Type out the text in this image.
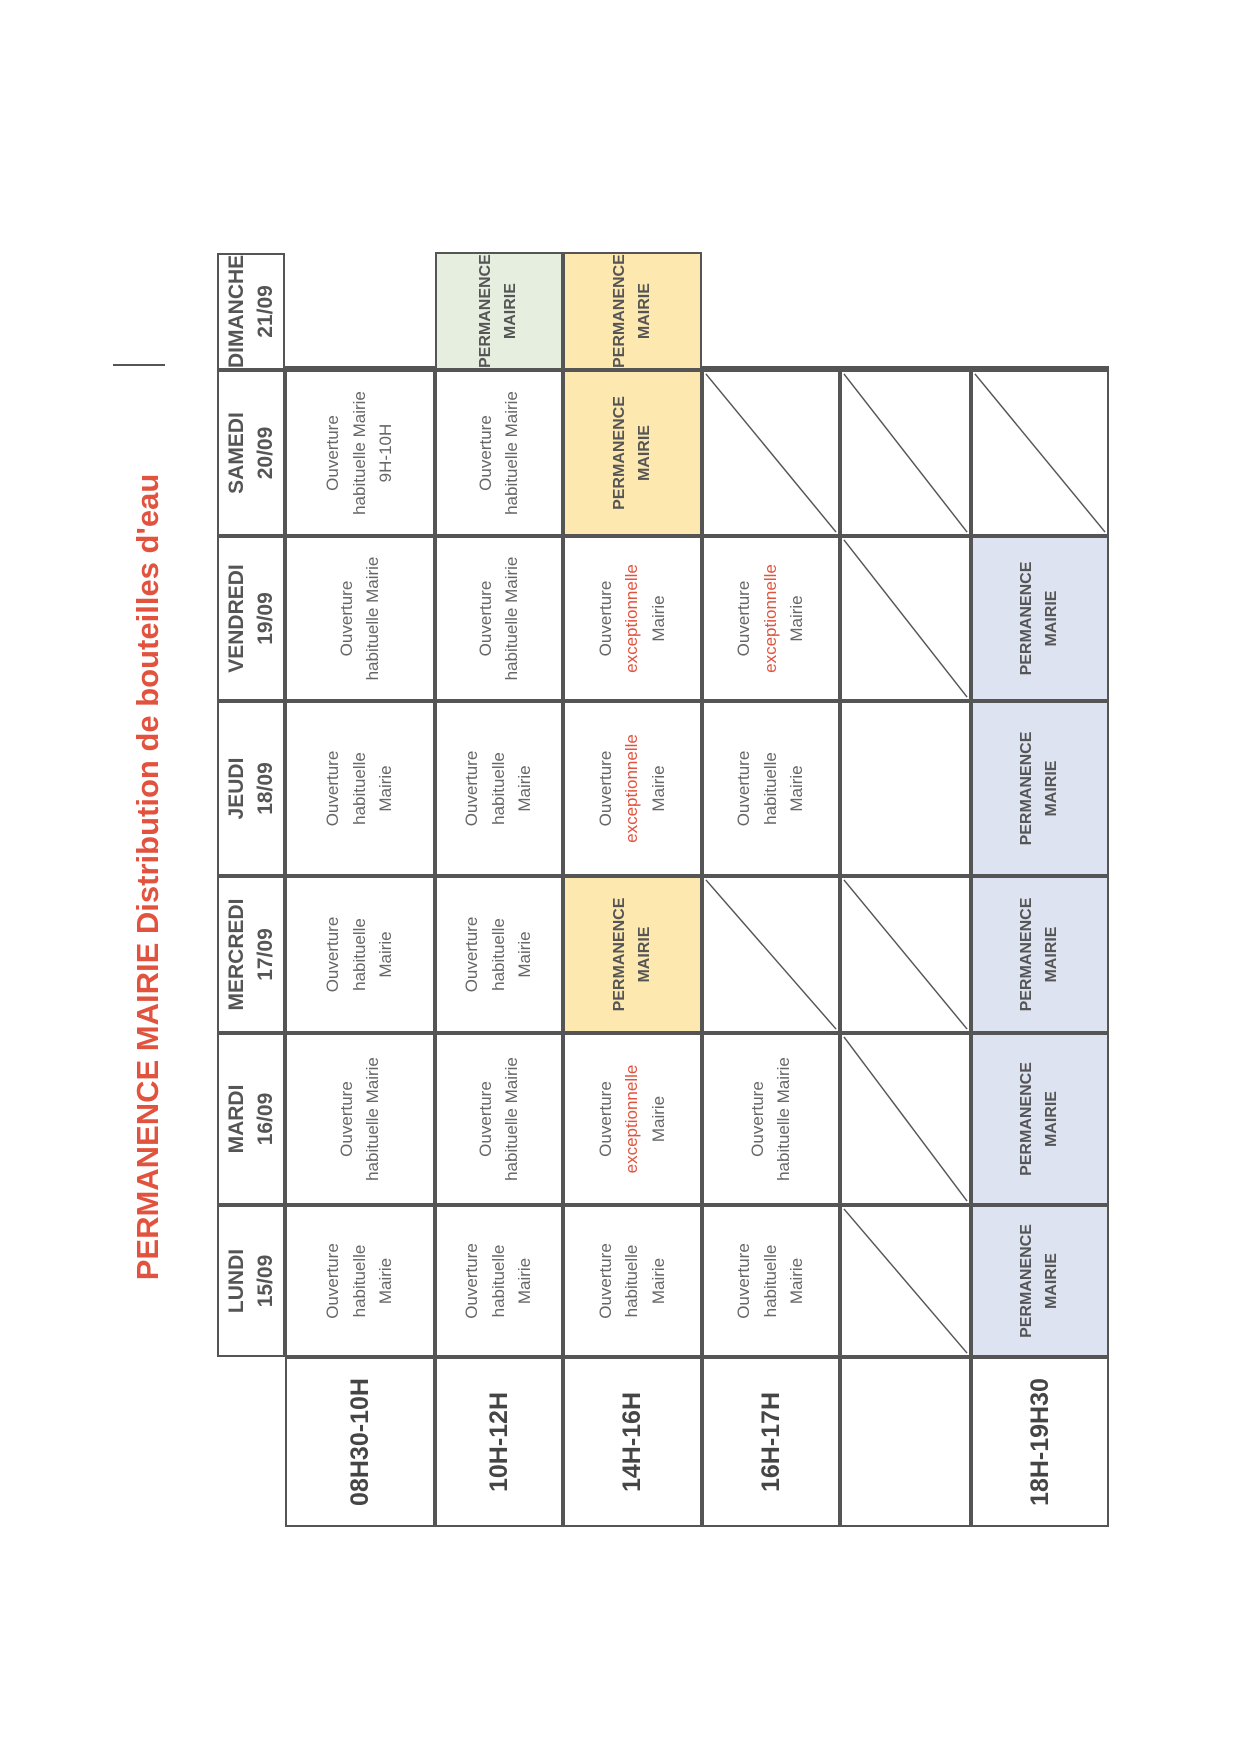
PERMANENCE MAIRIE Distribution de bouteilles d'eau
LUNDI 15/09
MARDI 16/09
MERCREDI 17/09
JEUDI 18/09
VENDREDI 19/09
SAMEDI 20/09
DIMANCHE 21/09
08H30-10H
Ouverture habituelle Mairie
Ouverture habituelle Mairie
Ouverture habituelle Mairie
Ouverture habituelle Mairie
Ouverture habituelle Mairie
Ouverture habituelle Mairie 9H-10H
10H-12H
Ouverture habituelle Mairie
Ouverture habituelle Mairie
Ouverture habituelle Mairie
Ouverture habituelle Mairie
Ouverture habituelle Mairie
Ouverture habituelle Mairie
PERMANENCE MAIRIE
14H-16H
Ouverture habituelle Mairie
Ouverture exceptionnelle Mairie
PERMANENCE MAIRIE
Ouverture exceptionnelle Mairie
Ouverture exceptionnelle Mairie
PERMANENCE MAIRIE
PERMANENCE MAIRIE
16H-17H
Ouverture habituelle Mairie
Ouverture habituelle Mairie
Ouverture habituelle Mairie
Ouverture exceptionnelle Mairie
18H-19H30
PERMANENCE MAIRIE
PERMANENCE MAIRIE
PERMANENCE MAIRIE
PERMANENCE MAIRIE
PERMANENCE MAIRIE
